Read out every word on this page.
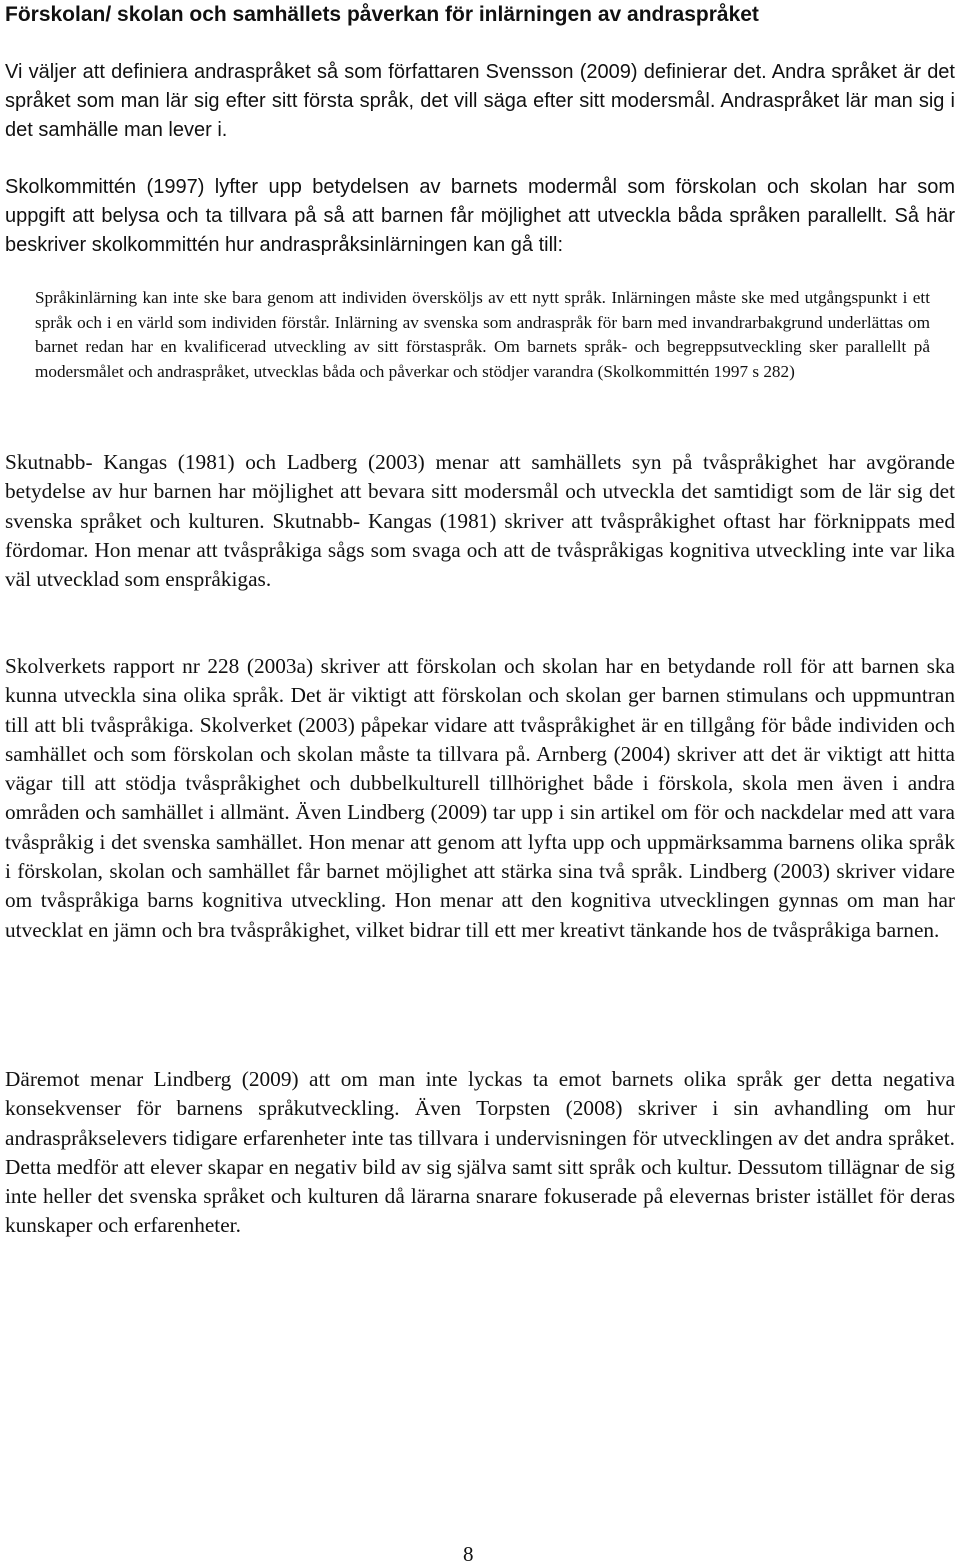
Förskolan/ skolan och samhällets påverkan för inlärningen av andraspråket

Vi väljer att definiera andraspråket så som författaren Svensson (2009) definierar det. Andra språket är det språket som man lär sig efter sitt första språk, det vill säga efter sitt modersmål. Andraspråket lär man sig i det samhälle man lever i.

Skolkommittén (1997) lyfter upp betydelsen av barnets modermål som förskolan och skolan har som uppgift att belysa och ta tillvara på så att barnen får möjlighet att utveckla båda språken parallellt. Så här beskriver skolkommittén hur andraspråksinlärningen kan gå till:

Språkinlärning kan inte ske bara genom att individen översköljs av ett nytt språk. Inlärningen måste ske med utgångspunkt i ett språk och i en värld som individen förstår. Inlärning av svenska som andraspråk för barn med invandrarbakgrund underlättas om barnet redan har en kvalificerad utveckling av sitt förstaspråk. Om barnets språk- och begreppsutveckling sker parallellt på modersmålet och andraspråket, utvecklas båda och påverkar och stödjer varandra (Skolkommittén 1997 s 282)

Skutnabb- Kangas (1981) och Ladberg (2003) menar att samhällets syn på tvåspråkighet har avgörande betydelse av hur barnen har möjlighet att bevara sitt modersmål och utveckla det samtidigt som de lär sig det svenska språket och kulturen. Skutnabb- Kangas (1981) skriver att tvåspråkighet oftast har förknippats med fördomar. Hon menar att tvåspråkiga sågs som svaga och att de tvåspråkigas kognitiva utveckling inte var lika väl utvecklad som enspråkigas.

Skolverkets rapport nr 228 (2003a) skriver att förskolan och skolan har en betydande roll för att barnen ska kunna utveckla sina olika språk. Det är viktigt att förskolan och skolan ger barnen stimulans och uppmuntran till att bli tvåspråkiga. Skolverket (2003) påpekar vidare att tvåspråkighet är en tillgång för både individen och samhället och som förskolan och skolan måste ta tillvara på. Arnberg (2004) skriver att det är viktigt att hitta vägar till att stödja tvåspråkighet och dubbelkulturell tillhörighet både i förskola, skola men även i andra områden och samhället i allmänt. Även Lindberg (2009) tar upp i sin artikel om för och nackdelar med att vara tvåspråkig i det svenska samhället. Hon menar att genom att lyfta upp och uppmärksamma barnens olika språk i förskolan, skolan och samhället får barnet möjlighet att stärka sina två språk. Lindberg (2003) skriver vidare om tvåspråkiga barns kognitiva utveckling. Hon menar att den kognitiva utvecklingen gynnas om man har utvecklat en jämn och bra tvåspråkighet, vilket bidrar till ett mer kreativt tänkande hos de tvåspråkiga barnen.

Däremot menar Lindberg (2009) att om man inte lyckas ta emot barnets olika språk ger detta negativa konsekvenser för barnens språkutveckling. Även Torpsten (2008) skriver i sin avhandling om hur andraspråkselevers tidigare erfarenheter inte tas tillvara i undervisningen för utvecklingen av det andra språket. Detta medför att elever skapar en negativ bild av sig själva samt sitt språk och kultur. Dessutom tillägnar de sig inte heller det svenska språket och kulturen då lärarna snarare fokuserade på elevernas brister istället för deras kunskaper och erfarenheter.

8
